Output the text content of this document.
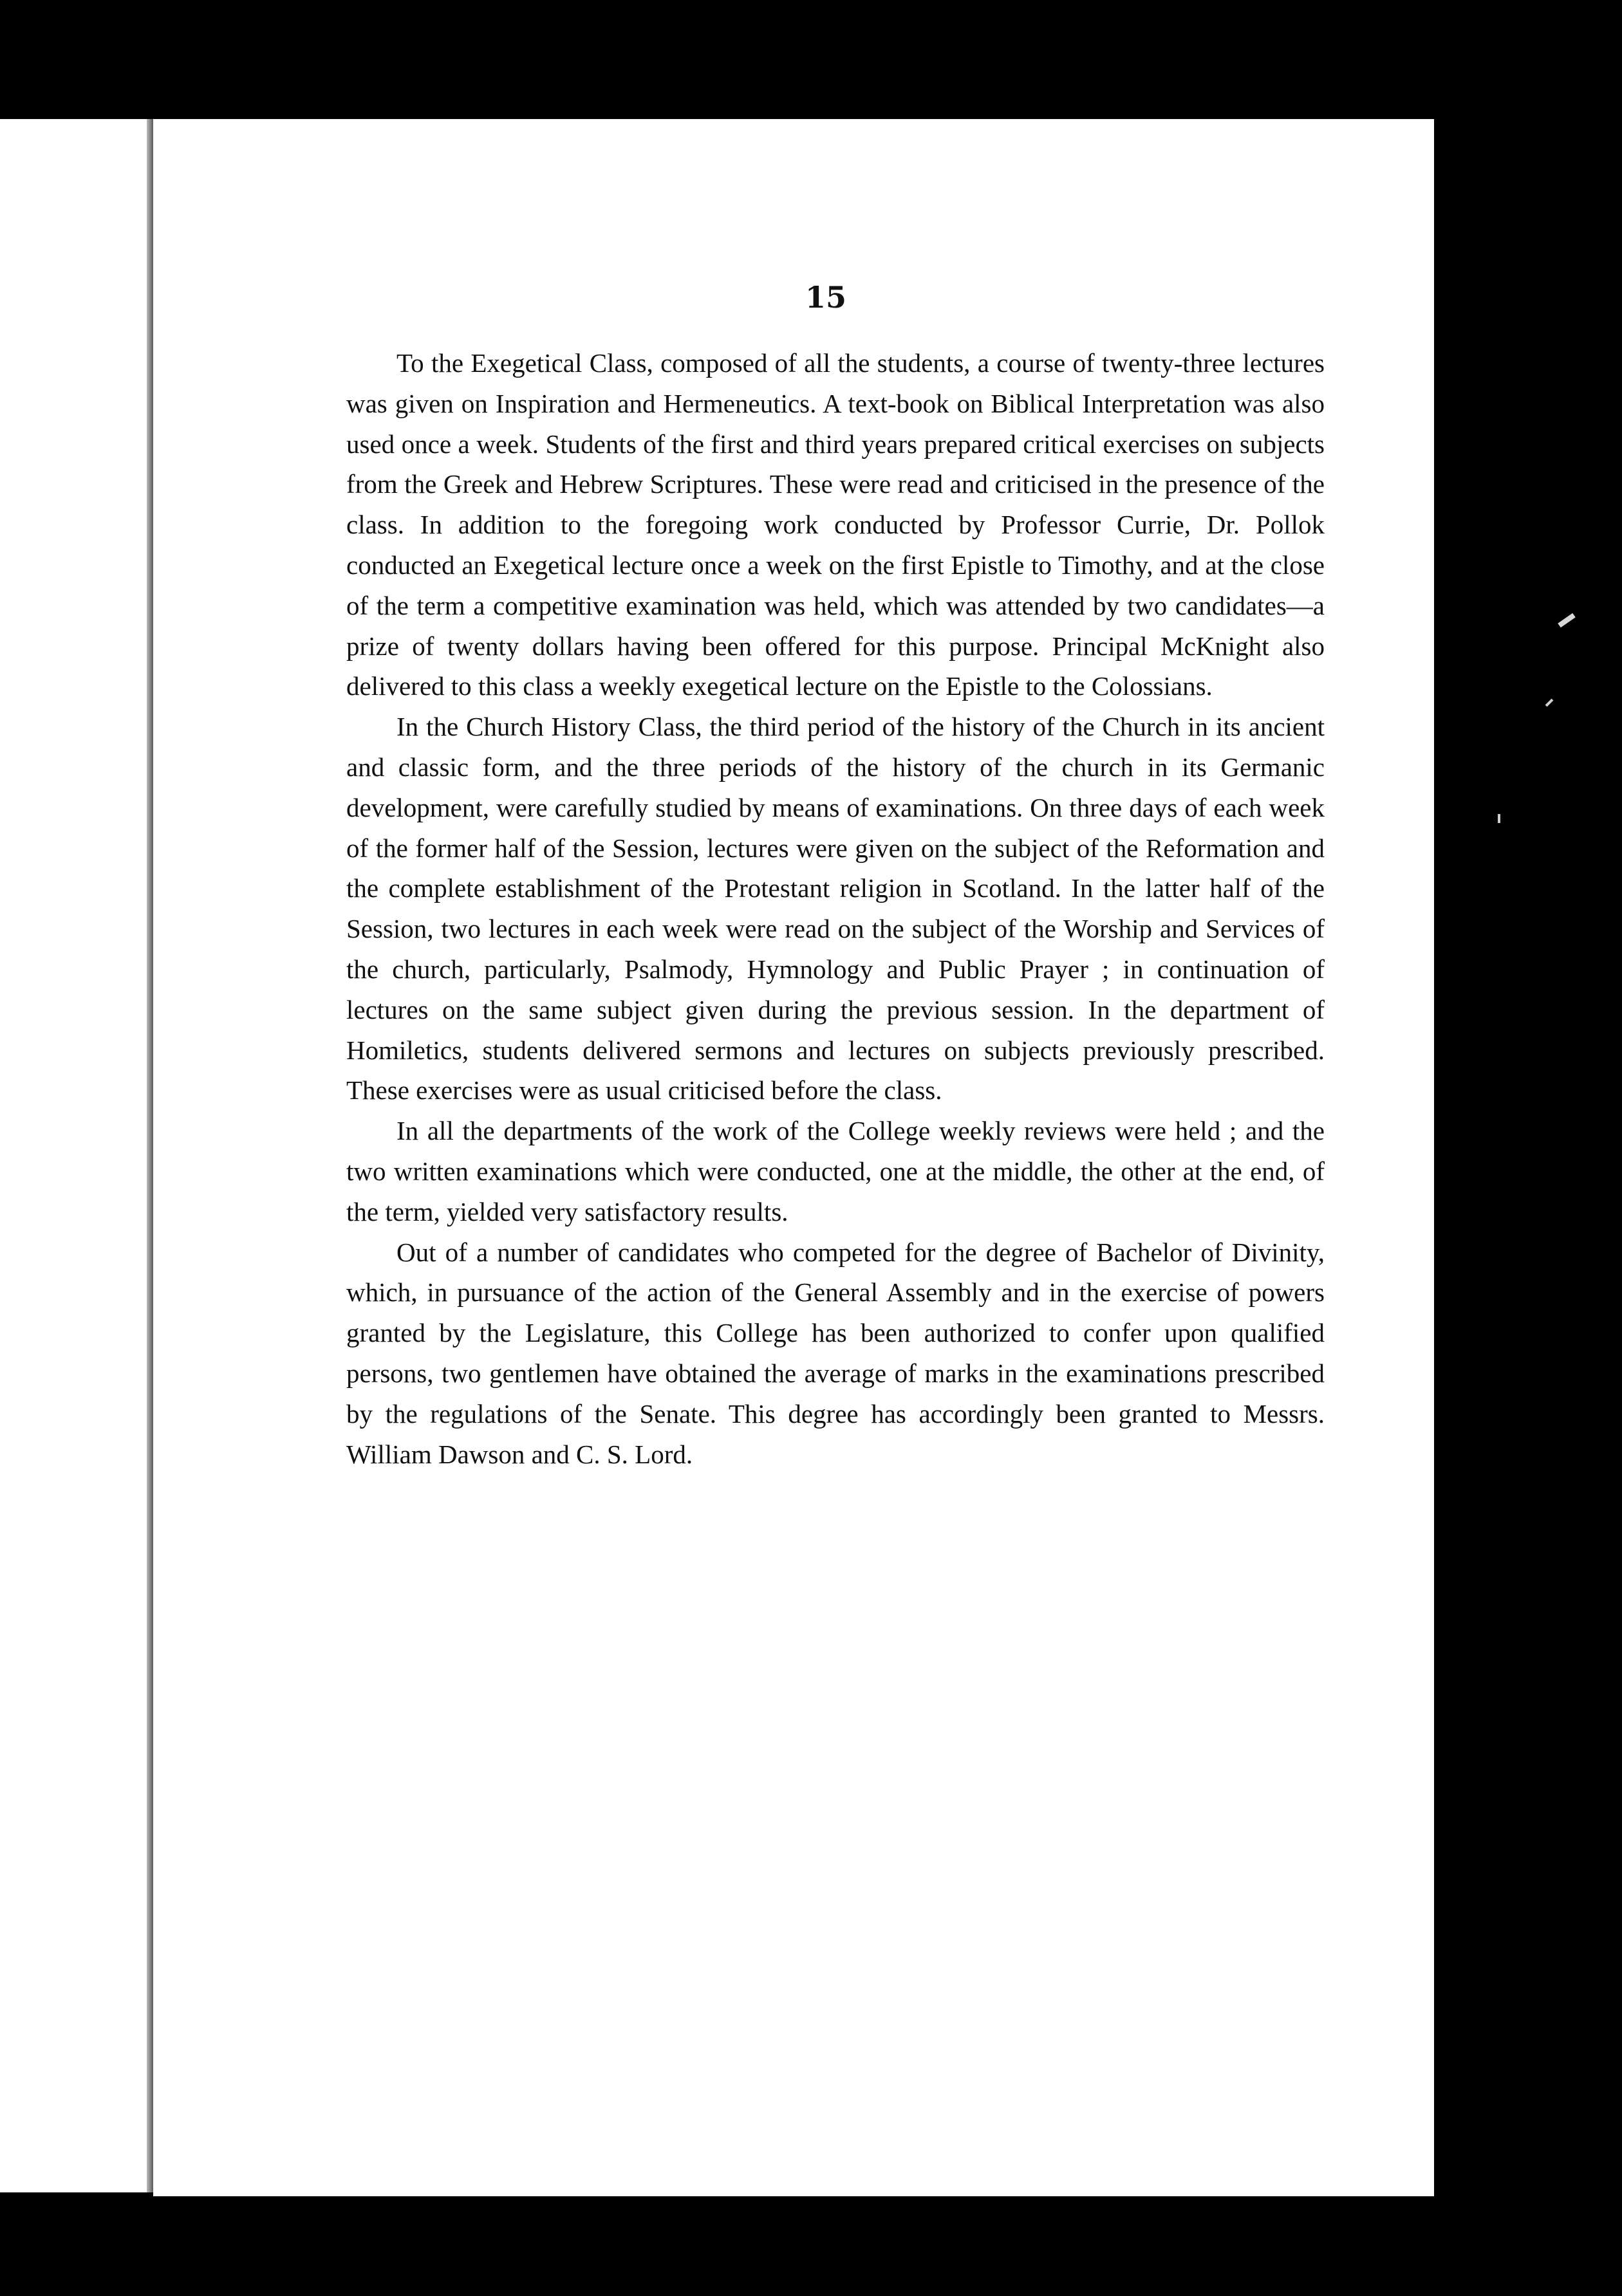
15

To the Exegetical Class, composed of all the students, a course of twenty-three lectures was given on Inspiration and Hermeneutics. A text-book on Biblical Interpretation was also used once a week. Students of the first and third years prepared critical exercises on subjects from the Greek and Hebrew Scriptures. These were read and criticised in the presence of the class. In addition to the foregoing work conducted by Professor Currie, Dr. Pollok conducted an Exegetical lecture once a week on the first Epistle to Timothy, and at the close of the term a competitive examination was held, which was attended by two candidates—a prize of twenty dollars having been offered for this purpose. Principal McKnight also delivered to this class a weekly exegetical lecture on the Epistle to the Colossians.

In the Church History Class, the third period of the history of the Church in its ancient and classic form, and the three periods of the history of the church in its Germanic development, were carefully studied by means of examinations. On three days of each week of the former half of the Session, lectures were given on the subject of the Reformation and the complete establishment of the Protestant religion in Scotland. In the latter half of the Session, two lectures in each week were read on the subject of the Worship and Services of the church, particularly, Psalmody, Hymnology and Public Prayer ; in continuation of lectures on the same subject given during the previous session. In the department of Homiletics, students delivered sermons and lectures on subjects previously prescribed. These exercises were as usual criticised before the class.

In all the departments of the work of the College weekly reviews were held ; and the two written examinations which were conducted, one at the middle, the other at the end, of the term, yielded very satisfactory results.

Out of a number of candidates who competed for the degree of Bachelor of Divinity, which, in pursuance of the action of the General Assembly and in the exercise of powers granted by the Legislature, this College has been authorized to confer upon qualified persons, two gentlemen have obtained the average of marks in the examinations prescribed by the regulations of the Senate. This degree has accordingly been granted to Messrs. William Dawson and C. S. Lord.
